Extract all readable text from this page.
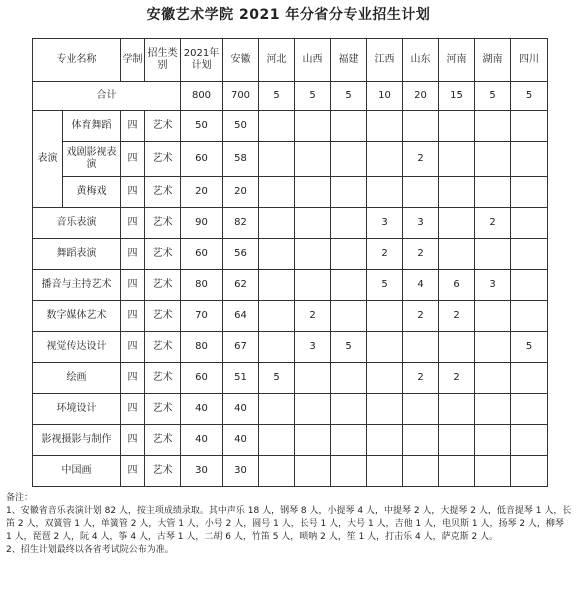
安徽艺术学院 2021 年分省分专业招生计划
专业名称		学制	招生类别	2021年计划	安徽	河北	山西	福建	江西	山东	河南	湖南	四川
合计				800	700	5	5	5	10	20	15	5	5
表演	体育舞蹈	四	艺术	50	50								
	戏剧影视表演	四	艺术	60	58					2			
	黄梅戏	四	艺术	20	20								
音乐表演		四	艺术	90	82				3	3		2	
舞蹈表演		四	艺术	60	56				2	2			
播音与主持艺术		四	艺术	80	62				5	4	6	3	
数字媒体艺术		四	艺术	70	64		2			2	2		
视觉传达设计		四	艺术	80	67		3	5					5
绘画		四	艺术	60	51	5				2	2		
环境设计		四	艺术	40	40								
影视摄影与制作		四	艺术	40	40								
中国画		四	艺术	30	30								

备注：

1、安徽省音乐表演计划 82 人，按主项成绩录取。其中声乐 18 人，钢琴 8 人，小提琴 4 人，中提琴 2 人，大提琴 2 人，低音提琴 1 人，长笛 2 人，双簧管 1 人，单簧管 2 人，大管 1 人，小号 2 人，圆号 1 人，长号 1 人，大号 1 人，吉他 1 人，电贝斯 1 人，扬琴 2 人，柳琴 1 人，琵琶 2 人，阮 4 人，筝 4 人，古琴 1 人，二胡 6 人，竹笛 5 人，唢呐 2 人，笙 1 人，打击乐 4 人，萨克斯 2 人。

2、招生计划最终以各省考试院公布为准。
